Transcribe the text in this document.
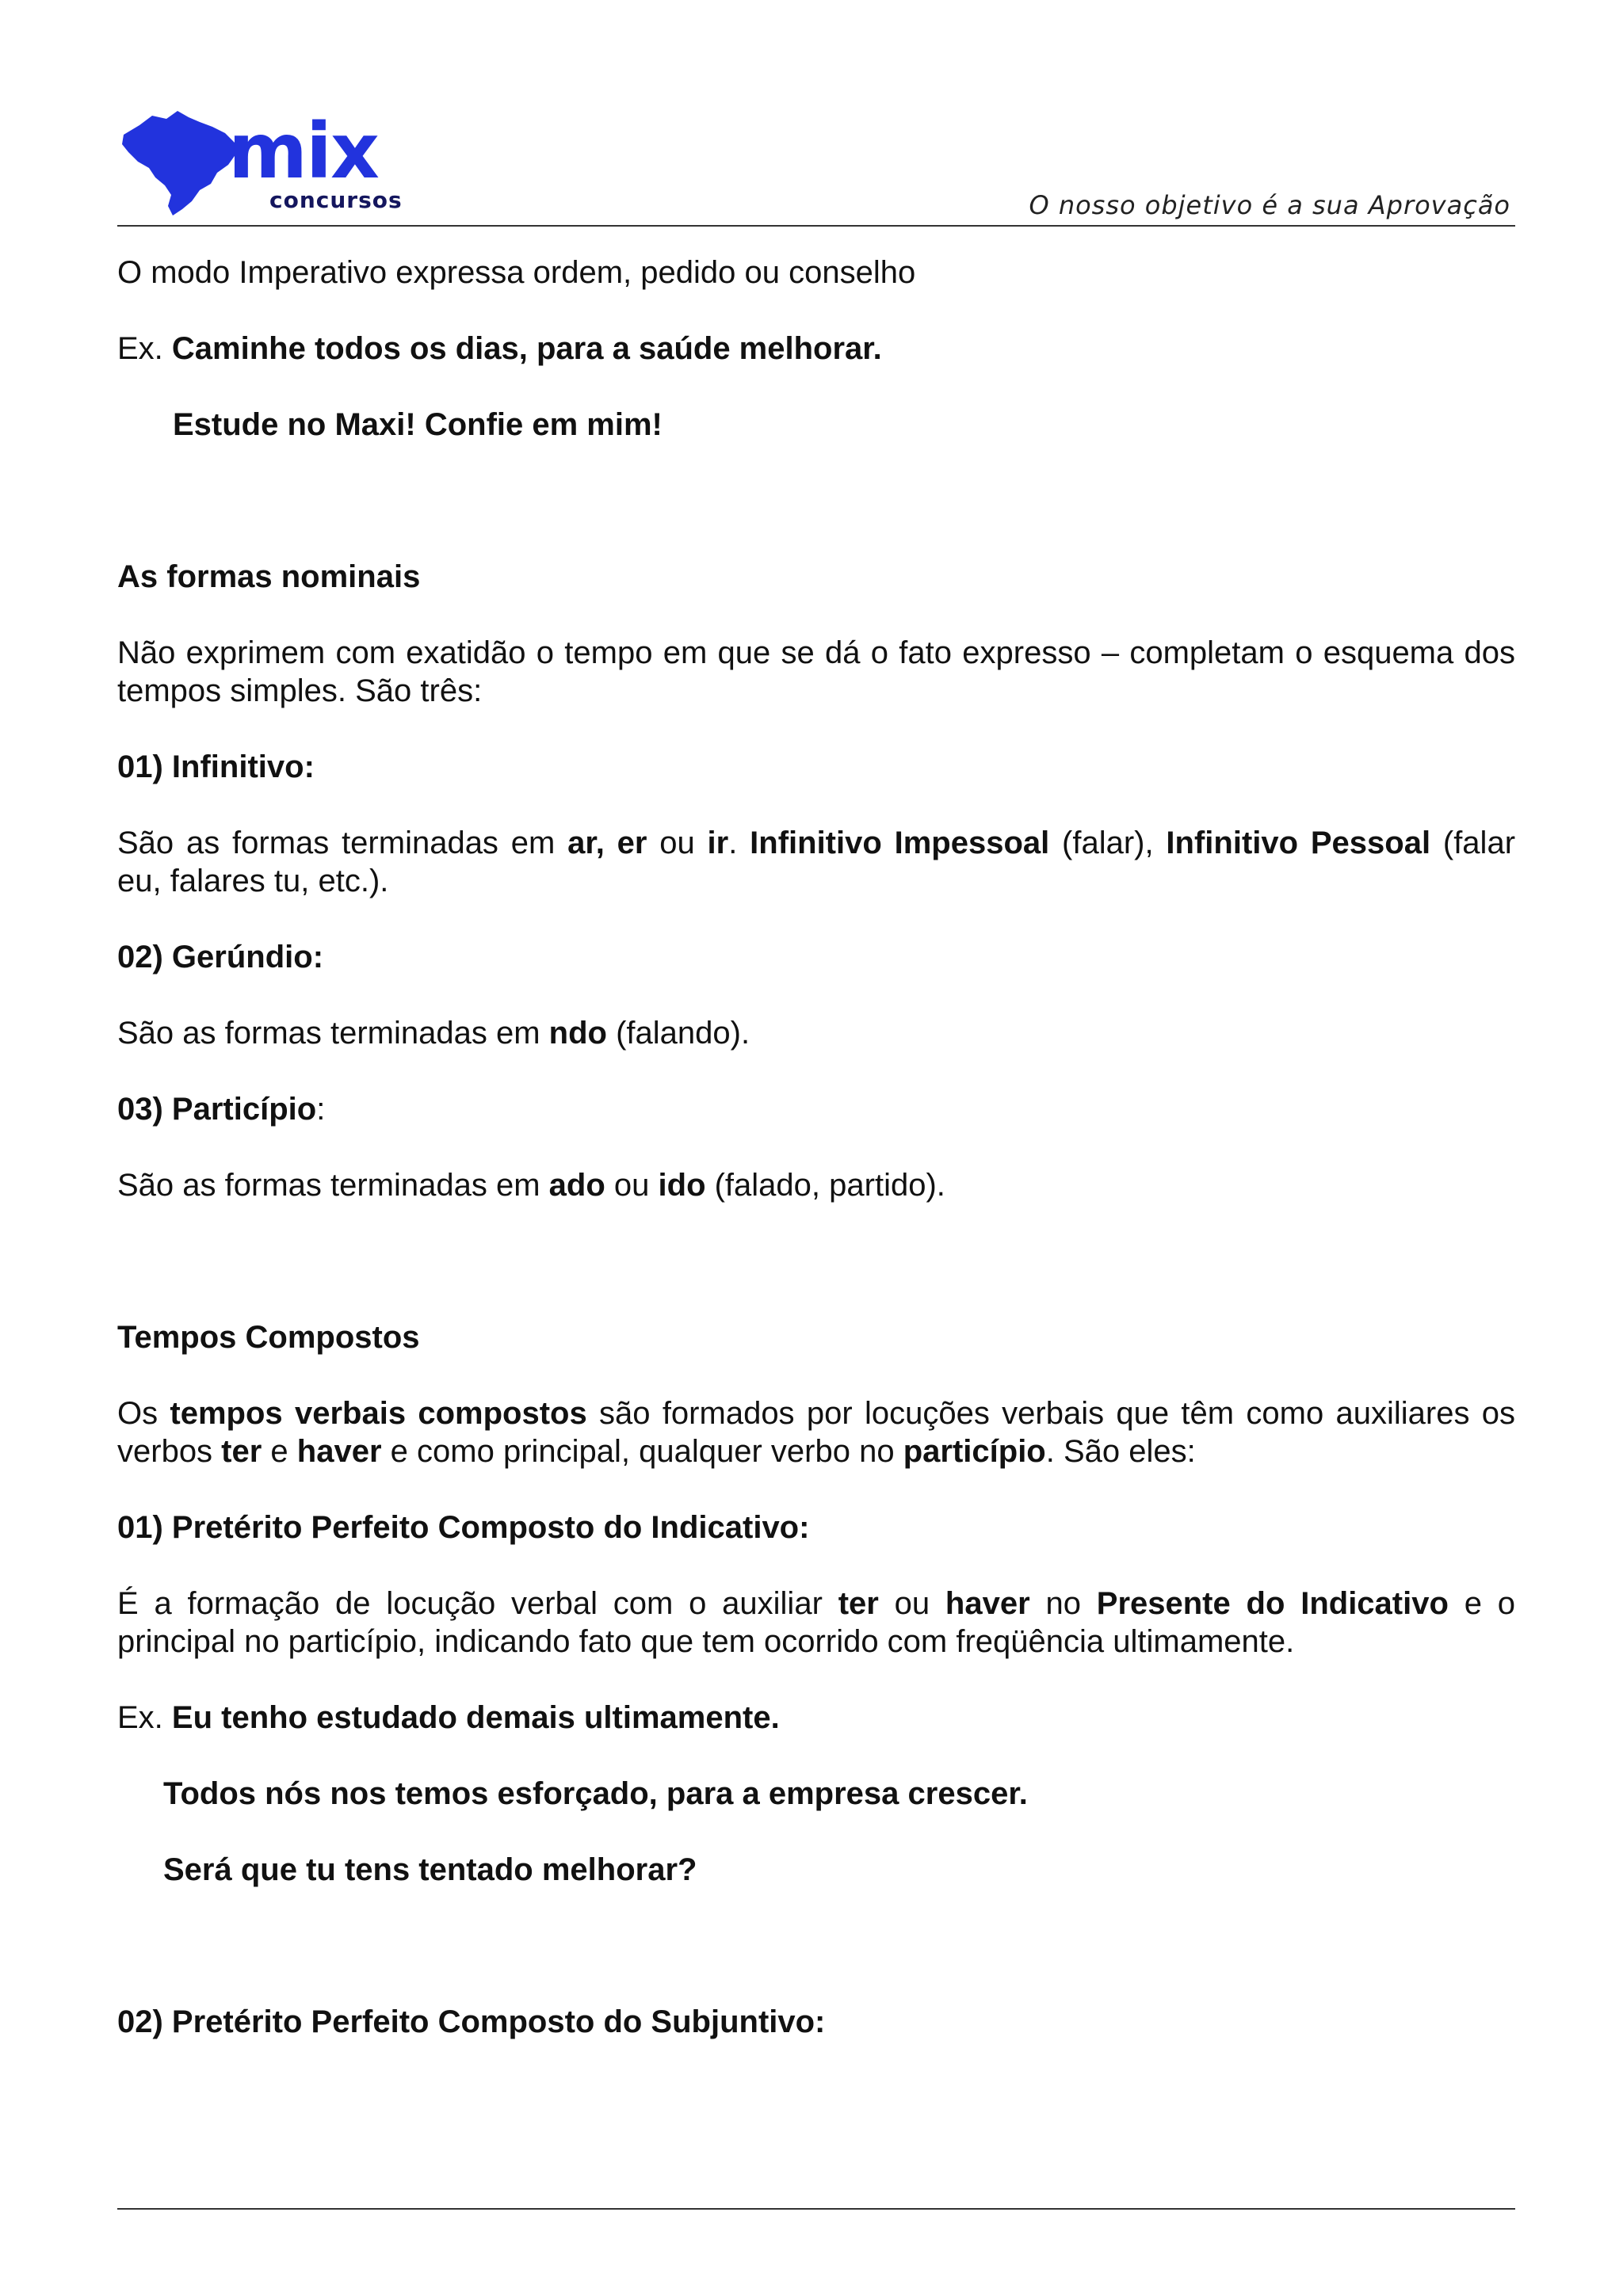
mix
concursos	O nosso objetivo é a sua Aprovação

O modo Imperativo expressa ordem, pedido ou conselho

Ex. Caminhe todos os dias, para a saúde melhorar.

Estude no Maxi! Confie em mim!

As formas nominais

Não exprimem com exatidão o tempo em que se dá o fato expresso – completam o esquema dos tempos simples. São três:

01) Infinitivo:

São as formas terminadas em ar, er ou ir. Infinitivo Impessoal (falar), Infinitivo Pessoal (falar eu, falares tu, etc.).

02) Gerúndio:

São as formas terminadas em ndo (falando).

03) Particípio:

São as formas terminadas em ado ou ido (falado, partido).

Tempos Compostos

Os tempos verbais compostos são formados por locuções verbais que têm como auxiliares os verbos ter e haver e como principal, qualquer verbo no particípio. São eles:

01) Pretérito Perfeito Composto do Indicativo:

É a formação de locução verbal com o auxiliar ter ou haver no Presente do Indicativo e o principal no particípio, indicando fato que tem ocorrido com freqüência ultimamente.

Ex. Eu tenho estudado demais ultimamente.

Todos nós nos temos esforçado, para a empresa crescer.

Será que tu tens tentado melhorar?

02) Pretérito Perfeito Composto do Subjuntivo:
